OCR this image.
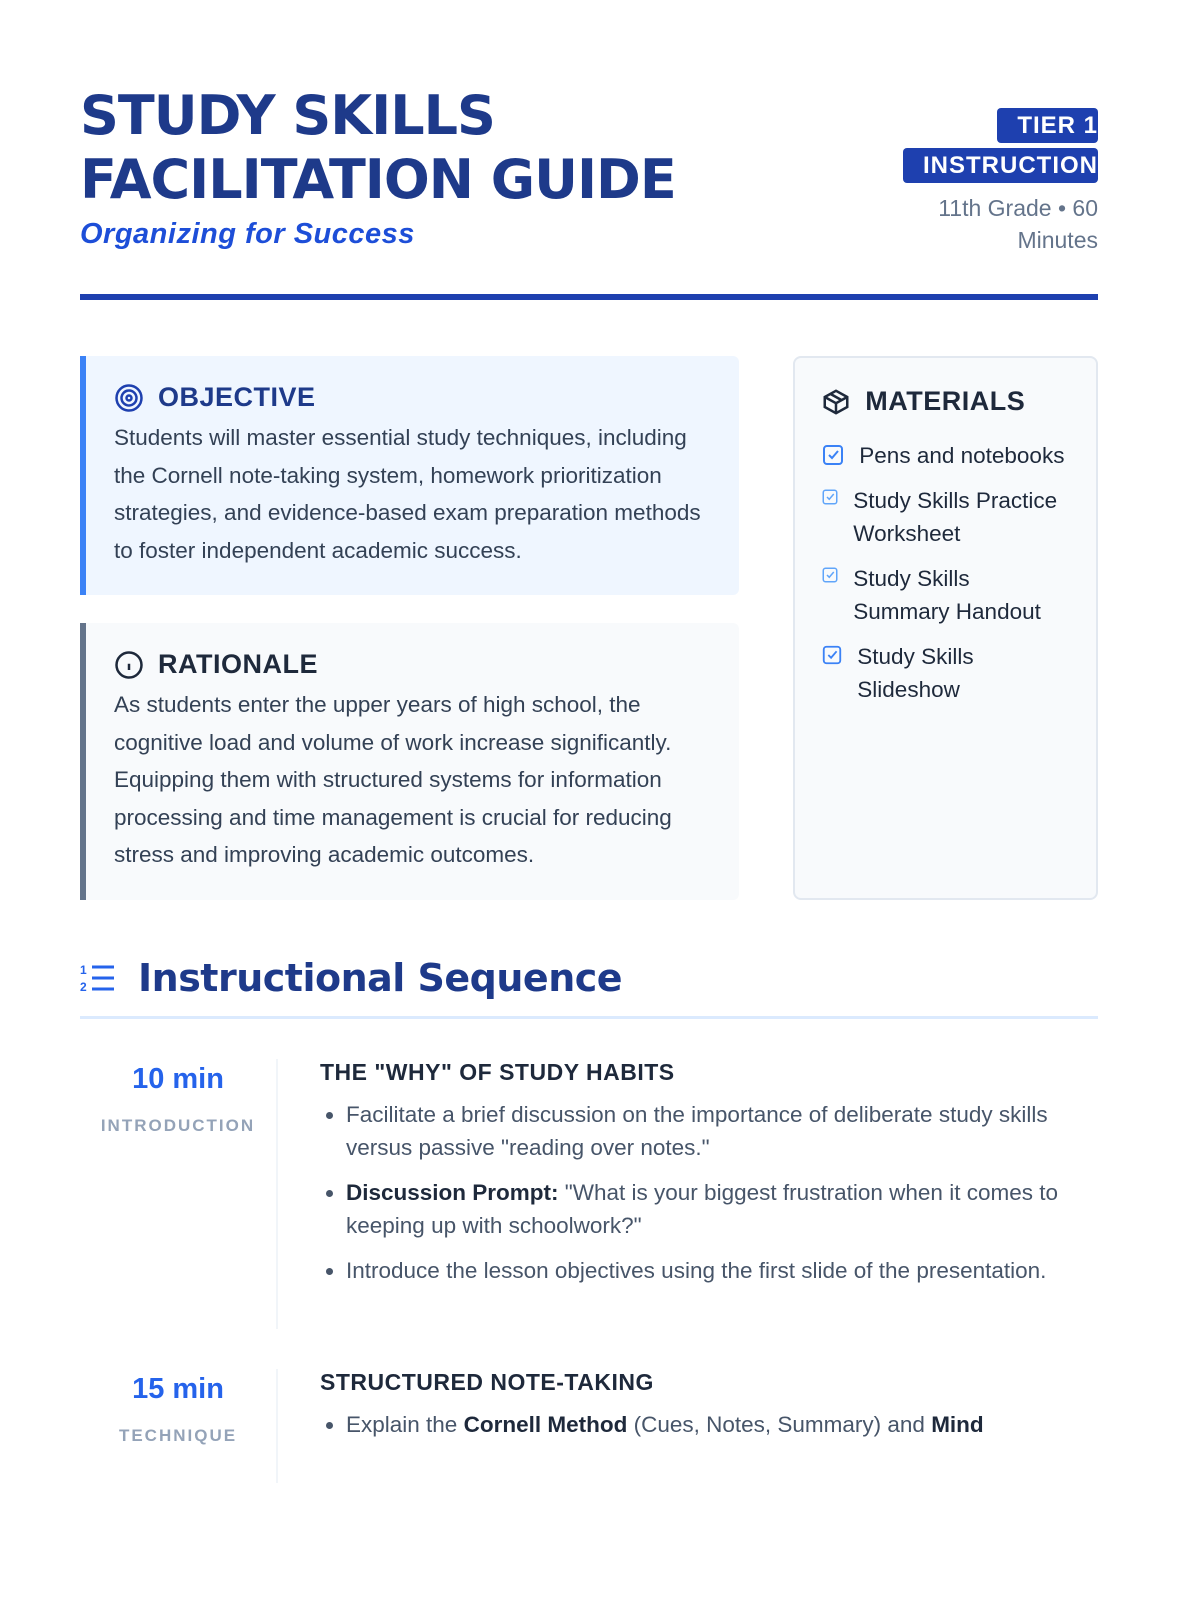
STUDY SKILLS
FACILITATION GUIDE
Organizing for Success
TIER 1 INSTRUCTION
11th Grade • 60 Minutes
OBJECTIVE

Students will master essential study techniques, including the Cornell note-taking system, homework prioritization strategies, and evidence-based exam preparation methods to foster independent academic success.

RATIONALE

As students enter the upper years of high school, the cognitive load and volume of work increase significantly. Equipping them with structured systems for information processing and time management is crucial for reducing stress and improving academic outcomes.

MATERIALS
Pens and notebooks
Study Skills Practice Worksheet
Study Skills Summary Handout
Study Skills Slideshow
1
2 Instructional Sequence
10 min
INTRODUCTION
THE "WHY" OF STUDY HABITS
• Facilitate a brief discussion on the importance of deliberate study skills versus passive "reading over notes."
• Discussion Prompt: "What is your biggest frustration when it comes to keeping up with schoolwork?"
• Introduce the lesson objectives using the first slide of the presentation.
15 min
TECHNIQUE
STRUCTURED NOTE-TAKING
• Explain the Cornell Method (Cues, Notes, Summary) and Mind
